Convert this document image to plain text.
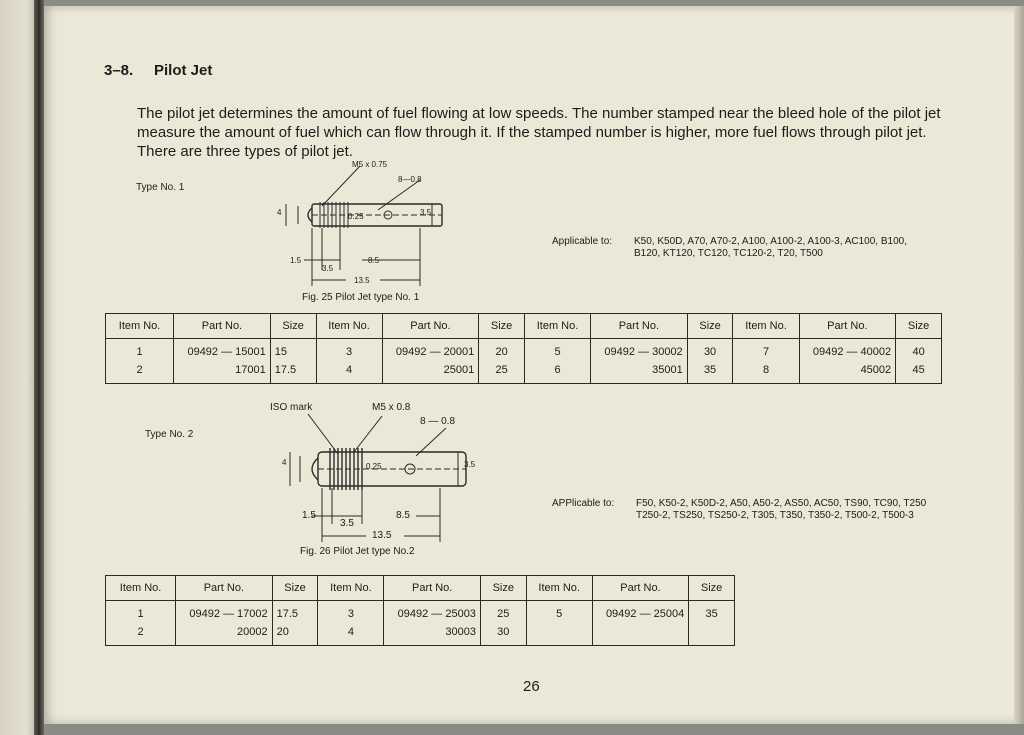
3–8. Pilot Jet

The pilot jet determines the amount of fuel flowing at low speeds. The number stamped near the bleed hole of the pilot jet

measure the amount of fuel which can flow through it. If the stamped number is higher, more fuel flows through pilot jet.

There are three types of pilot jet.

Type No. 1
M5 x 0.75
8—0.8
4	0.25	3.5
1.5
3.5
8.5
13.5
Fig. 25 Pilot Jet type No. 1
Applicable to: K50, K50D, A70, A70-2, A100, A100-2, A100-3, AC100, B100,
B120, KT120, TC120, TC120-2, T20, T500
Item No.	Part No.	Size	Item No.	Part No.	Size	Item No.	Part No.	Size	Item No.	Part No.	Size
1	09492 — 15001	15	3	09492 — 20001	20	5	09492 — 30002	30	7	09492 — 40002	40
2	17001	17.5	4	25001	25	6	35001	35	8	45002	45
Type No. 2
ISO mark	M5 x 0.8
8 — 0.8
4	0.25	3.5
1.5
3.5
8.5
13.5
Fig. 26 Pilot Jet type No.2
APPlicable to: F50, K50-2, K50D-2, A50, A50-2, AS50, AC50, TS90, TC90, T250
T250-2, TS250, TS250-2, T305, T350, T350-2, T500-2, T500-3
Item No.	Part No.	Size	Item No.	Part No.	Size	Item No.	Part No.	Size
1	09492 — 17002	17.5	3	09492 — 25003	25	5	09492 — 25004	35
2	20002	20	4	30003	30			
26
